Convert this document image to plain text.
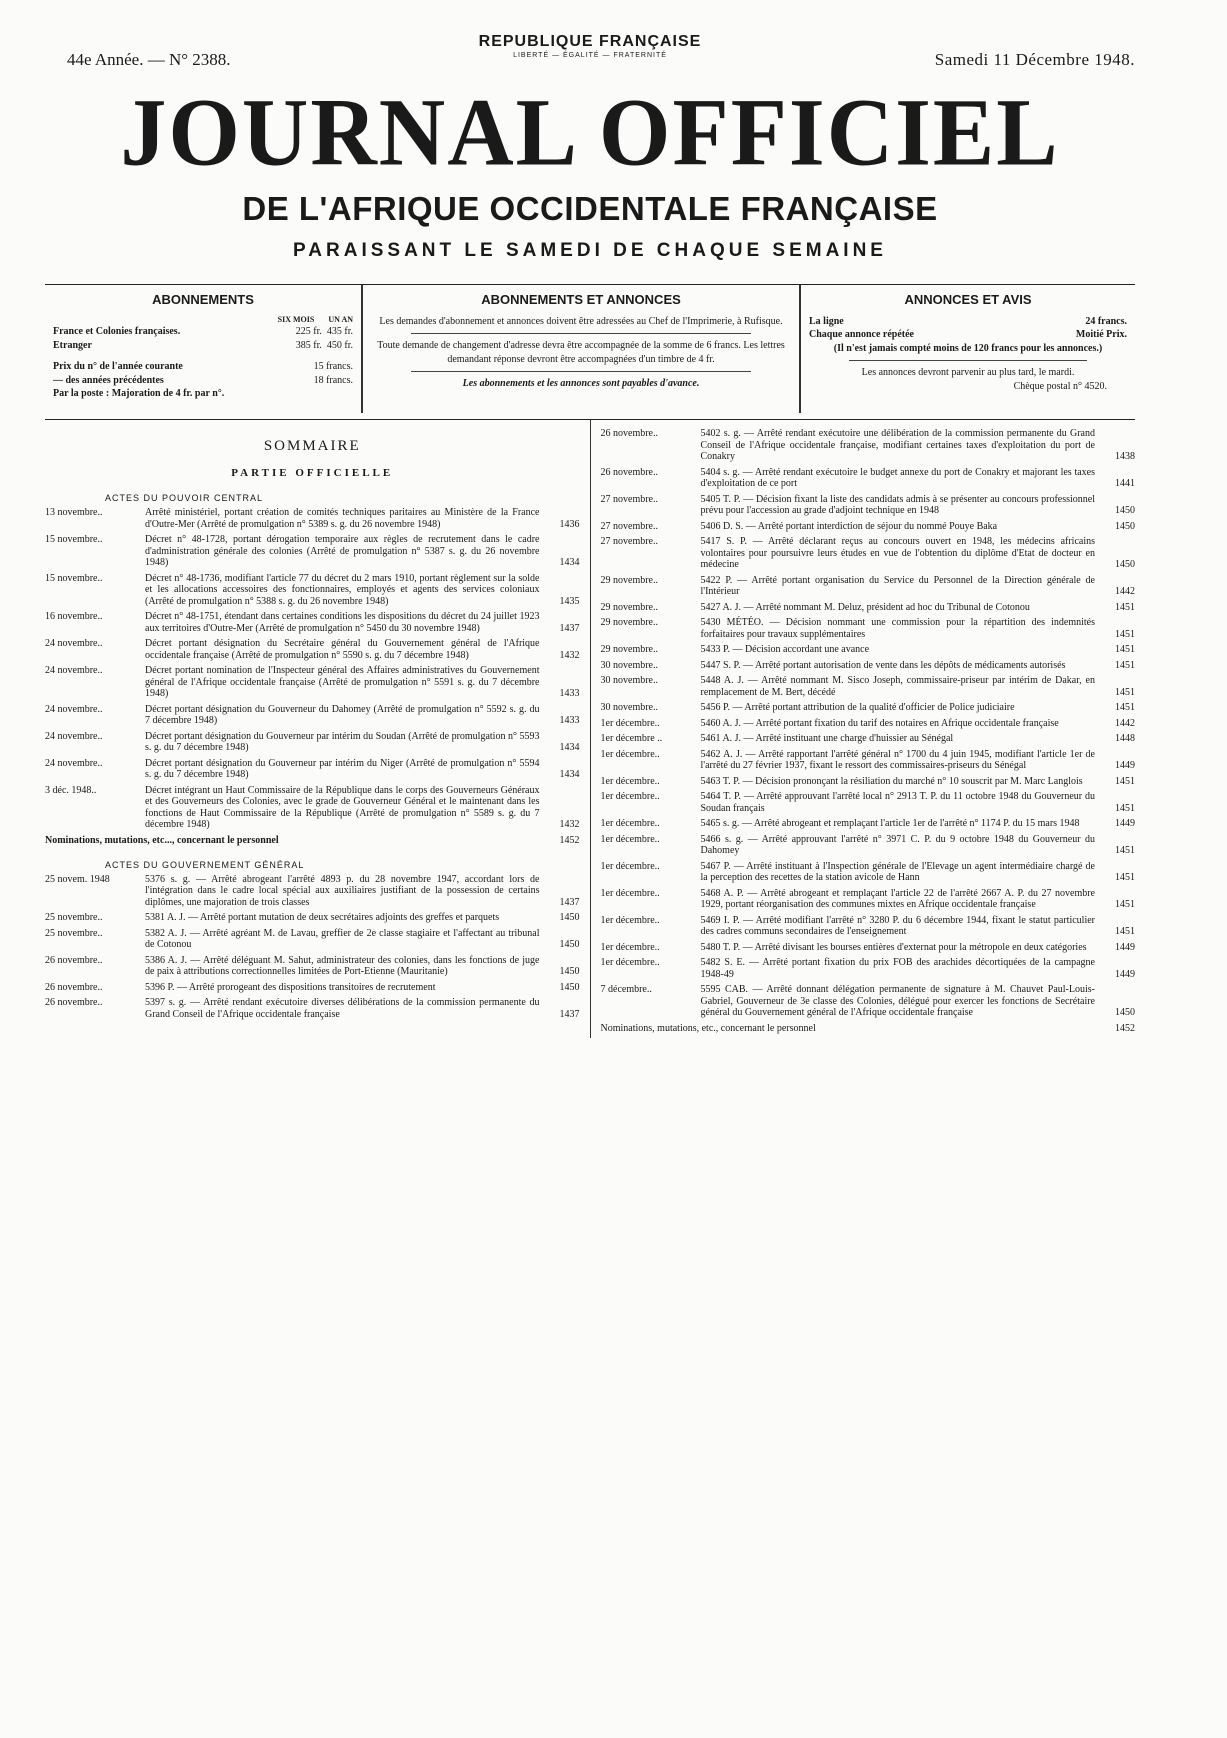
44e Année. — N° 2388.
REPUBLIQUE FRANÇAISE
LIBERTÉ — ÉGALITÉ — FRATERNITÉ	Samedi 11 Décembre 1948.
JOURNAL OFFICIEL
DE L'AFRIQUE OCCIDENTALE FRANÇAISE
PARAISSANT LE SAMEDI DE CHAQUE SEMAINE
ABONNEMENTS
SIX MOIS UN AN
France et Colonies françaises.	225 fr. 435 fr.
Etranger	385 fr. 450 fr.
Prix du n° de l'année courante	15 francs.
— des années précédentes	18 francs.
Par la poste : Majoration de 4 fr. par n°.
ABONNEMENTS ET ANNONCES
Les demandes d'abonnement et annonces doivent être adressées au Chef de l'Imprimerie, à Rufisque.
Toute demande de changement d'adresse devra être accompagnée de la somme de 6 francs. Les lettres demandant réponse devront être accompagnées d'un timbre de 4 fr.
Les abonnements et les annonces sont payables d'avance.
ANNONCES ET AVIS
La ligne	24 francs.
Chaque annonce répétée	Moitié Prix.
(Il n'est jamais compté moins de 120 francs pour les annonces.)
Les annonces devront parvenir au plus tard, le mardi.
Chèque postal n° 4520.
SOMMAIRE
PARTIE OFFICIELLE
ACTES DU POUVOIR CENTRAL
13 novembre..	Arrêté ministériel, portant création de comités techniques paritaires au Ministère de la France d'Outre-Mer (Arrêté de promulgation n° 5389 s. g. du 26 novembre 1948)	1436
15 novembre..	Décret n° 48-1728, portant dérogation temporaire aux règles de recrutement dans le cadre d'administration générale des colonies (Arrêté de promulgation n° 5387 s. g. du 26 novembre 1948)	1434
15 novembre..	Décret n° 48-1736, modifiant l'article 77 du décret du 2 mars 1910, portant règlement sur la solde et les allocations accessoires des fonctionnaires, employés et agents des services coloniaux (Arrêté de promulgation n° 5388 s. g. du 26 novembre 1948)	1435
16 novembre..	Décret n° 48-1751, étendant dans certaines conditions les dispositions du décret du 24 juillet 1923 aux territoires d'Outre-Mer (Arrêté de promulgation n° 5450 du 30 novembre 1948)	1437
24 novembre..	Décret portant désignation du Secrétaire général du Gouvernement général de l'Afrique occidentale française (Arrêté de promulgation n° 5590 s. g. du 7 décembre 1948)	1432
24 novembre..	Décret portant nomination de l'Inspecteur général des Affaires administratives du Gouvernement général de l'Afrique occidentale française (Arrêté de promulgation n° 5591 s. g. du 7 décembre 1948)	1433
24 novembre..	Décret portant désignation du Gouverneur du Dahomey (Arrêté de promulgation n° 5592 s. g. du 7 décembre 1948)	1433
24 novembre..	Décret portant désignation du Gouverneur par intérim du Soudan (Arrêté de promulgation n° 5593 s. g. du 7 décembre 1948)	1434
24 novembre..	Décret portant désignation du Gouverneur par intérim du Niger (Arrêté de promulgation n° 5594 s. g. du 7 décembre 1948)	1434
3 déc. 1948..	Décret intégrant un Haut Commissaire de la République dans le corps des Gouverneurs Généraux et des Gouverneurs des Colonies, avec le grade de Gouverneur Général et le maintenant dans les fonctions de Haut Commissaire de la République (Arrêté de promulgation n° 5589 s. g. du 7 décembre 1948)	1432
Nominations, mutations, etc..., concernant le personnel	1452
ACTES DU GOUVERNEMENT GÉNÉRAL
25 novem. 1948	5376 s. g. — Arrêté abrogeant l'arrêté 4893 p. du 28 novembre 1947, accordant lors de l'intégration dans le cadre local spécial aux auxiliaires justifiant de la possession de certains diplômes, une majoration de trois classes	1437
25 novembre..	5381 A. J. — Arrêté portant mutation de deux secrétaires adjoints des greffes et parquets	1450
25 novembre..	5382 A. J. — Arrêté agréant M. de Lavau, greffier de 2e classe stagiaire et l'affectant au tribunal de Cotonou	1450
26 novembre..	5386 A. J. — Arrêté déléguant M. Sahut, administrateur des colonies, dans les fonctions de juge de paix à attributions correctionnelles limitées de Port-Etienne (Mauritanie)	1450
26 novembre..	5396 P. — Arrêté prorogeant des dispositions transitoires de recrutement	1450
26 novembre..	5397 s. g. — Arrêté rendant exécutoire diverses délibérations de la commission permanente du Grand Conseil de l'Afrique occidentale française	1437
26 novembre..	5402 s. g. — Arrêté rendant exécutoire une délibération de la commission permanente du Grand Conseil de l'Afrique occidentale française, modifiant certaines taxes d'exploitation du port de Conakry	1438
26 novembre..	5404 s. g. — Arrêté rendant exécutoire le budget annexe du port de Conakry et majorant les taxes d'exploitation de ce port	1441
27 novembre..	5405 T. P. — Décision fixant la liste des candidats admis à se présenter au concours professionnel prévu pour l'accession au grade d'adjoint technique en 1948	1450
27 novembre..	5406 D. S. — Arrêté portant interdiction de séjour du nommé Pouye Baka	1450
27 novembre..	5417 S. P. — Arrêté déclarant reçus au concours ouvert en 1948, les médecins africains volontaires pour poursuivre leurs études en vue de l'obtention du diplôme d'Etat de docteur en médecine	1450
29 novembre..	5422 P. — Arrêté portant organisation du Service du Personnel de la Direction générale de l'Intérieur	1442
29 novembre..	5427 A. J. — Arrêté nommant M. Deluz, président ad hoc du Tribunal de Cotonou	1451
29 novembre..	5430 MÉTÉO. — Décision nommant une commission pour la répartition des indemnités forfaitaires pour travaux supplémentaires	1451
29 novembre..	5433 P. — Décision accordant une avance	1451
30 novembre..	5447 S. P. — Arrêté portant autorisation de vente dans les dépôts de médicaments autorisés	1451
30 novembre..	5448 A. J. — Arrêté nommant M. Sisco Joseph, commissaire-priseur par intérim de Dakar, en remplacement de M. Bert, décédé	1451
30 novembre..	5456 P. — Arrêté portant attribution de la qualité d'officier de Police judiciaire	1451
1er décembre..	5460 A. J. — Arrêté portant fixation du tarif des notaires en Afrique occidentale française	1442
1er décembre ..	5461 A. J. — Arrêté instituant une charge d'huissier au Sénégal	1448
1er décembre..	5462 A. J. — Arrêté rapportant l'arrêté général n° 1700 du 4 juin 1945, modifiant l'article 1er de l'arrêté du 27 février 1937, fixant le ressort des commissaires-priseurs du Sénégal	1449
1er décembre..	5463 T. P. — Décision prononçant la résiliation du marché n° 10 souscrit par M. Marc Langlois	1451
1er décembre..	5464 T. P. — Arrêté approuvant l'arrêté local n° 2913 T. P. du 11 octobre 1948 du Gouverneur du Soudan français	1451
1er décembre..	5465 s. g. — Arrêté abrogeant et remplaçant l'article 1er de l'arrêté n° 1174 P. du 15 mars 1948	1449
1er décembre..	5466 s. g. — Arrêté approuvant l'arrêté n° 3971 C. P. du 9 octobre 1948 du Gouverneur du Dahomey	1451
1er décembre..	5467 P. — Arrêté instituant à l'Inspection générale de l'Elevage un agent intermédiaire chargé de la perception des recettes de la station avicole de Hann	1451
1er décembre..	5468 A. P. — Arrêté abrogeant et remplaçant l'article 22 de l'arrêté 2667 A. P. du 27 novembre 1929, portant réorganisation des communes mixtes en Afrique occidentale française	1451
1er décembre..	5469 I. P. — Arrêté modifiant l'arrêté n° 3280 P. du 6 décembre 1944, fixant le statut particulier des cadres communs secondaires de l'enseignement	1451
1er décembre..	5480 T. P. — Arrêté divisant les bourses entières d'externat pour la métropole en deux catégories	1449
1er décembre..	5482 S. E. — Arrêté portant fixation du prix FOB des arachides décortiquées de la campagne 1948-49	1449
7 décembre..	5595 CAB. — Arrêté donnant délégation permanente de signature à M. Chauvet Paul-Louis-Gabriel, Gouverneur de 3e classe des Colonies, délégué pour exercer les fonctions de Secrétaire général du Gouvernement général de l'Afrique occidentale française	1450
Nominations, mutations, etc., concernant le personnel	1452
